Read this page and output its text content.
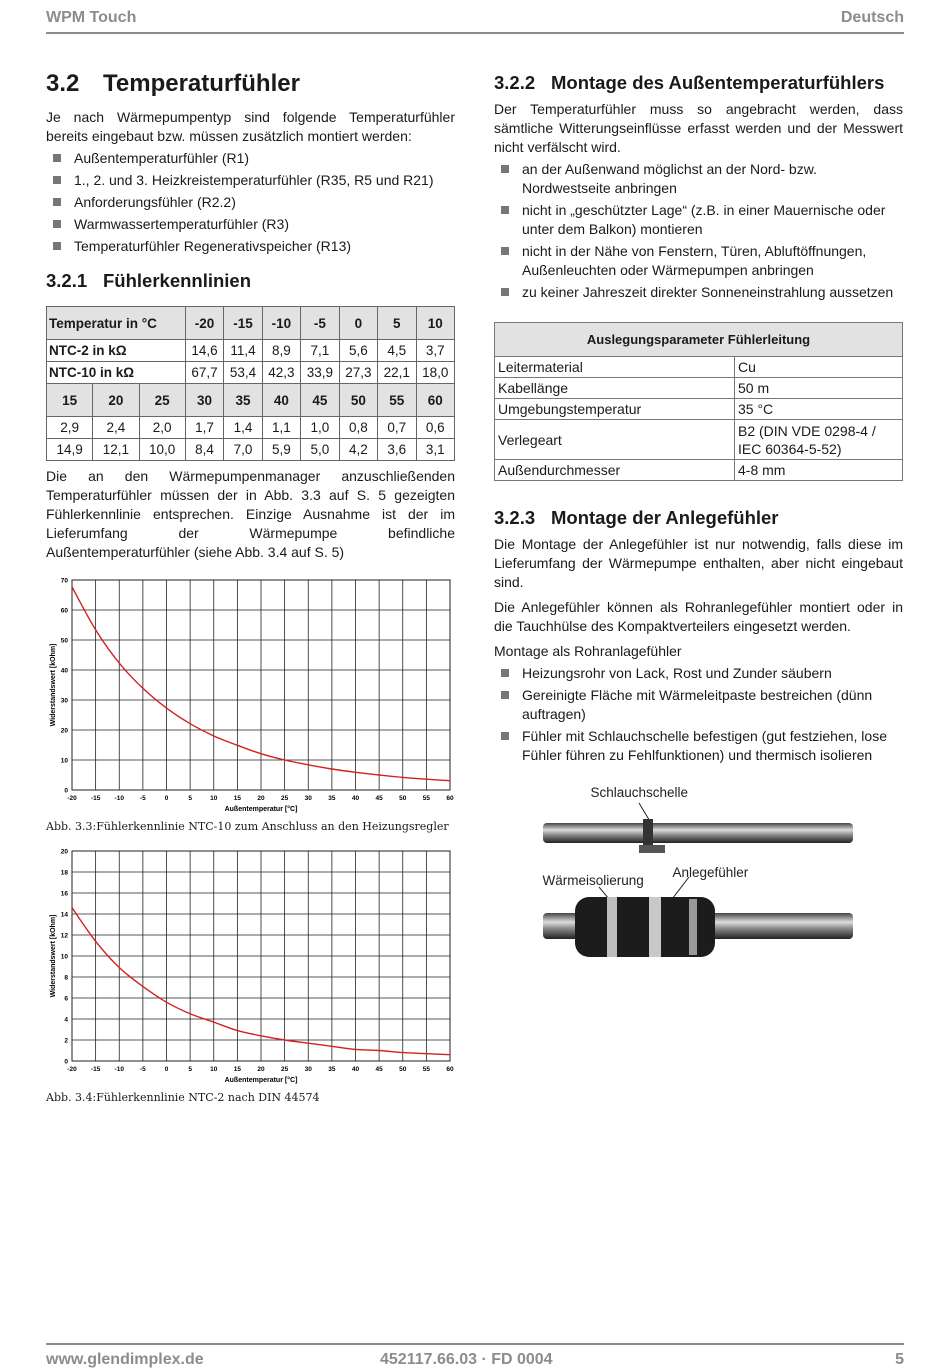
WPM Touch	Deutsch
3.2 Temperaturfühler

Je nach Wärmepumpentyp sind folgende Temperaturfühler bereits eingebaut bzw. müssen zusätzlich montiert werden:

Außentemperaturfühler (R1)
1., 2. und 3. Heizkreistemperaturfühler (R35, R5 und R21)
Anforderungsfühler (R2.2)
Warmwassertemperaturfühler (R3)
Temperaturfühler Regenerativspeicher (R13)
3.2.1 Fühlerkennlinien
Temperatur in °C			-20	-15	-10	-5	0	5	10
NTC-2 in kΩ			14,6	11,4	8,9	7,1	5,6	4,5	3,7
NTC-10 in kΩ			67,7	53,4	42,3	33,9	27,3	22,1	18,0
15	20	25	30	35	40	45	50	55	60
2,9	2,4	2,0	1,7	1,4	1,1	1,0	0,8	0,7	0,6
14,9	12,1	10,0	8,4	7,0	5,9	5,0	4,2	3,6	3,1

Die an den Wärmepumpenmanager anzuschließenden Temperaturfühler müssen der in Abb. 3.3 auf S. 5 gezeigten Fühlerkennlinie entsprechen. Einzige Ausnahme ist der im Lieferumfang der Wärmepumpe befindliche Außentemperaturfühler (siehe Abb. 3.4 auf S. 5)

-20 -15 -10 -5	0	5	10	15	20	25	30	35	40	45	50	55	60
0
10
20
30
40
50
60
70
Außentemperatur [°C]
Widerstandswert [kOhm]
Abb. 3.3:Fühlerkennlinie NTC-10 zum Anschluss an den Heizungsregler
-20 -15 -10 -5	0	5	10	15	20	25	30	35	40	45	50	55	60
0
2
4
6
8
10
12
14
16
18
20
Außentemperatur [°C]
Widerstandswert [kOhm]
Abb. 3.4:Fühlerkennlinie NTC-2 nach DIN 44574
3.2.2 Montage des Außentemperaturfühlers

Der Temperaturfühler muss so angebracht werden, dass sämtliche Witterungseinflüsse erfasst werden und der Messwert nicht verfälscht wird.

an der Außenwand möglichst an der Nord- bzw. Nordwestseite anbringen
nicht in „geschützter Lage“ (z.B. in einer Mauernische oder unter dem Balkon) montieren
nicht in der Nähe von Fenstern, Türen, Abluftöffnungen, Außenleuchten oder Wärmepumpen anbringen
zu keiner Jahreszeit direkter Sonneneinstrahlung aussetzen
Auslegungsparameter Fühlerleitung	
Leitermaterial	Cu
Kabellänge	50 m
Umgebungstemperatur	35 °C
Verlegeart	B2 (DIN VDE 0298-4 / IEC 60364-5-52)
Außendurchmesser	4-8 mm
3.2.3 Montage der Anlegefühler

Die Montage der Anlegefühler ist nur notwendig, falls diese im Lieferumfang der Wärmepumpe enthalten, aber nicht eingebaut sind.

Die Anlegefühler können als Rohranlegefühler montiert oder in die Tauchhülse des Kompaktverteilers eingesetzt werden.

Montage als Rohranlagefühler

Heizungsrohr von Lack, Rost und Zunder säubern
Gereinigte Fläche mit Wärmeleitpaste bestreichen (dünn auftragen)
Fühler mit Schlauchschelle befestigen (gut festziehen, lose Fühler führen zu Fehlfunktionen) und thermisch isolieren
Schlauchschelle
Wärmeisolierung
Anlegefühler
www.glendimplex.de	452117.66.03 · FD 0004	5
